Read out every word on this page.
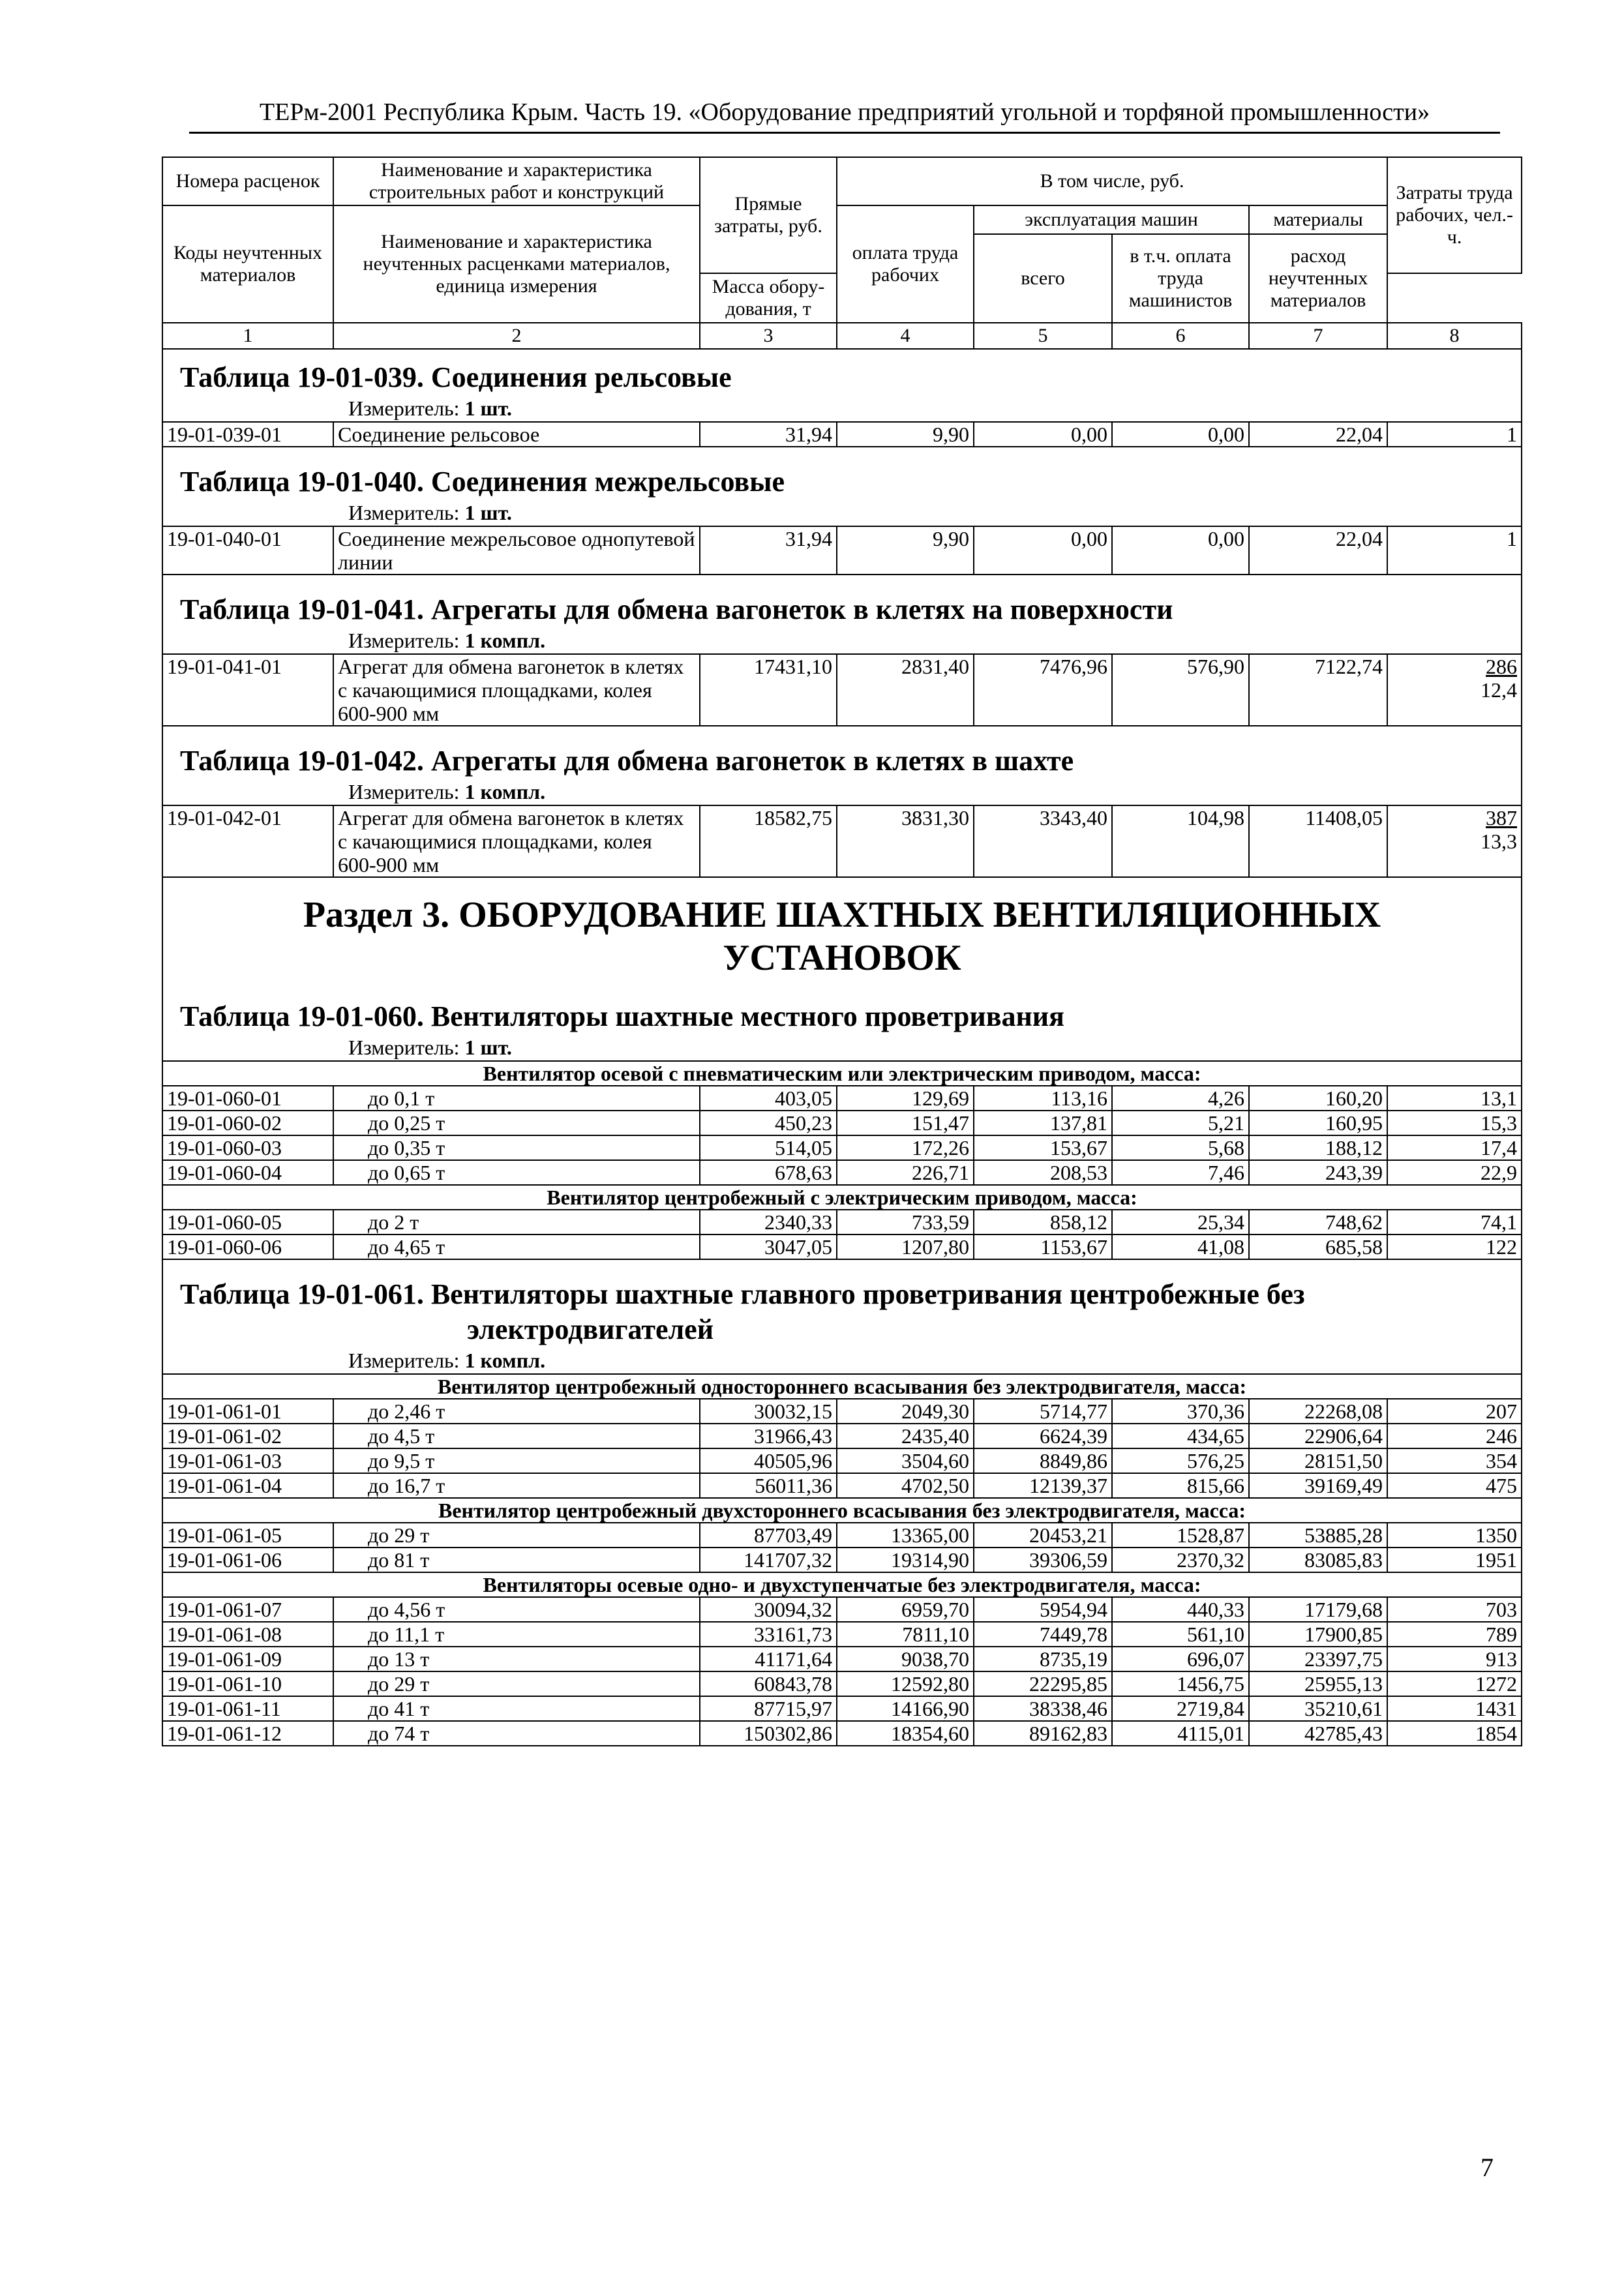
ТЕРм-2001 Республика Крым. Часть 19. «Оборудование предприятий угольной и торфяной промышленности»
Номера расценок	Наименование и характеристика строительных работ и конструкций	Прямые затраты, руб.	В том числе, руб.				Затраты труда рабочих, чел.-ч.

Коды неучтенных материалов	Наименование и характеристика неучтенных расценками материалов, единица измерения		оплата труда рабочих	эксплуатация машин		материалы	
				всего	в т.ч. оплата труда машинистов	расход неучтенных материалов	
		Масса обору-дования, т					
1	2	3	4	5	6	7	8

Таблица 19-01-039. Соединения рельсовые
Измеритель: 1 шт.							

19-01-039-01	Соединение рельсовое	31,94	9,90	0,00	0,00	22,04	1

Таблица 19-01-040. Соединения межрельсовые
Измеритель: 1 шт.							

19-01-040-01	Соединение межрельсовое однопутевой линии	31,94	9,90	0,00	0,00	22,04	1

Таблица 19-01-041. Агрегаты для обмена вагонеток в клетях на поверхности
Измеритель: 1 компл.							

19-01-041-01	Агрегат для обмена вагонеток в клетях с качающимися площадками, колея 600-900 мм	17431,10	2831,40	7476,96	576,90	7122,74	286
12,4

Таблица 19-01-042. Агрегаты для обмена вагонеток в клетях в шахте
Измеритель: 1 компл.							

19-01-042-01	Агрегат для обмена вагонеток в клетях с качающимися площадками, колея 600-900 мм	18582,75	3831,30	3343,40	104,98	11408,05	387
13,3

Раздел 3. ОБОРУДОВАНИЕ ШАХТНЫХ ВЕНТИЛЯЦИОННЫХ УСТАНОВОК
Таблица 19-01-060. Вентиляторы шахтные местного проветривания
Измеритель: 1 шт.							

Вентилятор осевой с пневматическим или электрическим приводом, масса:							
19-01-060-01	до 0,1 т	403,05	129,69	113,16	4,26	160,20	13,1
19-01-060-02	до 0,25 т	450,23	151,47	137,81	5,21	160,95	15,3
19-01-060-03	до 0,35 т	514,05	172,26	153,67	5,68	188,12	17,4
19-01-060-04	до 0,65 т	678,63	226,71	208,53	7,46	243,39	22,9
Вентилятор центробежный с электрическим приводом, масса:							
19-01-060-05	до 2 т	2340,33	733,59	858,12	25,34	748,62	74,1
19-01-060-06	до 4,65 т	3047,05	1207,80	1153,67	41,08	685,58	122

Таблица 19-01-061. Вентиляторы шахтные главного проветривания центробежные без
электродвигателей
Измеритель: 1 компл.							

Вентилятор центробежный одностороннего всасывания без электродвигателя, масса:							
19-01-061-01	до 2,46 т	30032,15	2049,30	5714,77	370,36	22268,08	207
19-01-061-02	до 4,5 т	31966,43	2435,40	6624,39	434,65	22906,64	246
19-01-061-03	до 9,5 т	40505,96	3504,60	8849,86	576,25	28151,50	354
19-01-061-04	до 16,7 т	56011,36	4702,50	12139,37	815,66	39169,49	475
Вентилятор центробежный двухстороннего всасывания без электродвигателя, масса:							
19-01-061-05	до 29 т	87703,49	13365,00	20453,21	1528,87	53885,28	1350
19-01-061-06	до 81 т	141707,32	19314,90	39306,59	2370,32	83085,83	1951
Вентиляторы осевые одно- и двухступенчатые без электродвигателя, масса:							
19-01-061-07	до 4,56 т	30094,32	6959,70	5954,94	440,33	17179,68	703
19-01-061-08	до 11,1 т	33161,73	7811,10	7449,78	561,10	17900,85	789
19-01-061-09	до 13 т	41171,64	9038,70	8735,19	696,07	23397,75	913
19-01-061-10	до 29 т	60843,78	12592,80	22295,85	1456,75	25955,13	1272
19-01-061-11	до 41 т	87715,97	14166,90	38338,46	2719,84	35210,61	1431
19-01-061-12	до 74 т	150302,86	18354,60	89162,83	4115,01	42785,43	1854
7
